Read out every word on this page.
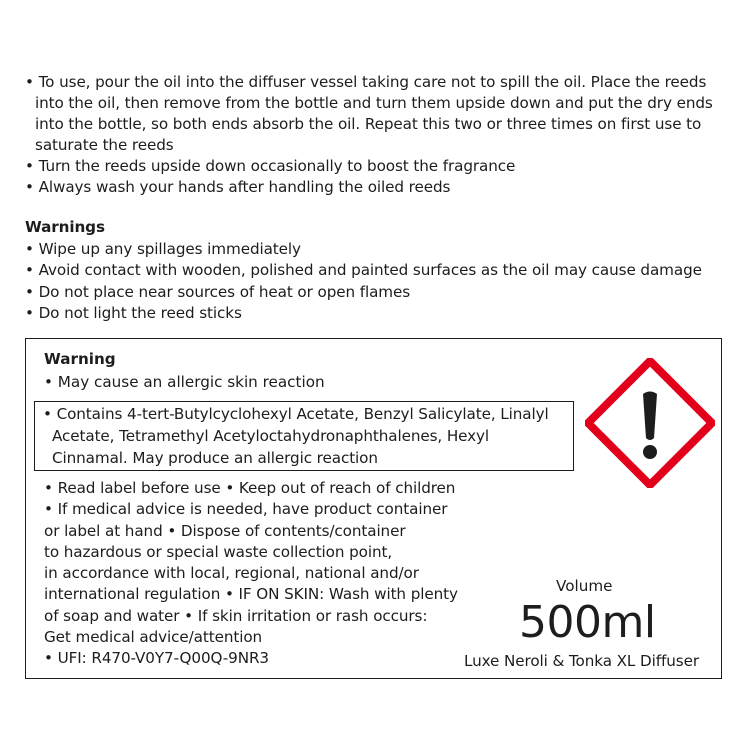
• To use, pour the oil into the diffuser vessel taking care not to spill the oil. Place the reeds
into the oil, then remove from the bottle and turn them upside down and put the dry ends
into the bottle, so both ends absorb the oil. Repeat this two or three times on first use to
saturate the reeds
• Turn the reeds upside down occasionally to boost the fragrance
• Always wash your hands after handling the oiled reeds
Warnings
• Wipe up any spillages immediately
• Avoid contact with wooden, polished and painted surfaces as the oil may cause damage
• Do not place near sources of heat or open flames
• Do not light the reed sticks
Warning
• May cause an allergic skin reaction
• Contains 4-tert-Butylcyclohexyl Acetate, Benzyl Salicylate, Linalyl
Acetate, Tetramethyl Acetyloctahydronaphthalenes, Hexyl
Cinnamal. May produce an allergic reaction
• Read label before use • Keep out of reach of children
• If medical advice is needed, have product container
or label at hand • Dispose of contents/container
to hazardous or special waste collection point,
in accordance with local, regional, national and/or
international regulation • IF ON SKIN: Wash with plenty
of soap and water • If skin irritation or rash occurs:
Get medical advice/attention
• UFI: R470-V0Y7-Q00Q-9NR3
Volume
500ml
Luxe Neroli & Tonka XL Diffuser
